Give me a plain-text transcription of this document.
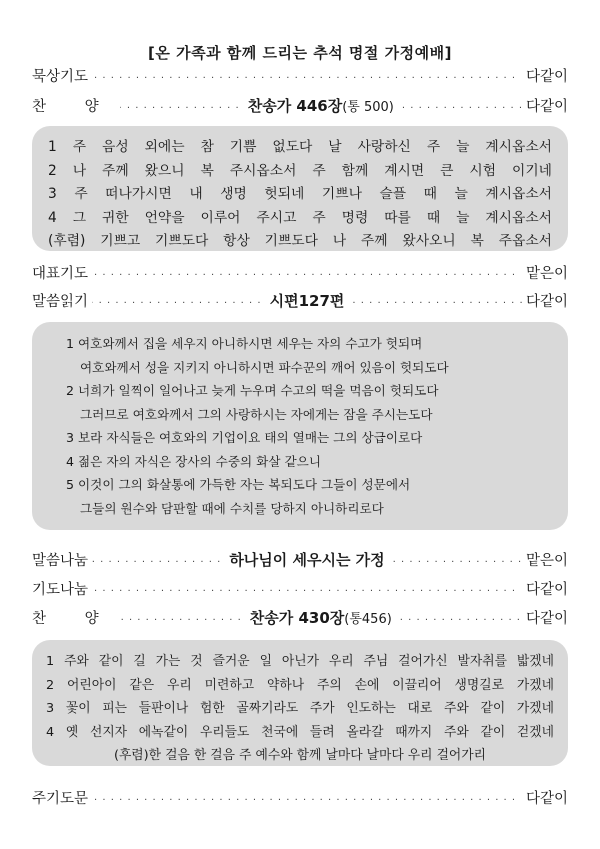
[온 가족과 함께 드리는 추석 명절 가정예배]
묵상기도 . . .	다같이
찬 양 . . .	찬송가 446장(통 500) . . .	다같이
1 주 음성 외에는 참 기쁨 없도다 날 사랑하신 주 늘 계시옵소서
2 나 주께 왔으니 복 주시옵소서 주 함께 계시면 큰 시험 이기네
3 주 떠나가시면 내 생명 헛되네 기쁘나 슬플 때 늘 계시옵소서
4 그 귀한 언약을 이루어 주시고 주 명령 따를 때 늘 계시옵소서
(후렴) 기쁘고 기쁘도다 항상 기쁘도다 나 주께 왔사오니 복 주옵소서
대표기도 . . .	맡은이
말씀읽기 . . .	시편127편 . . .	다같이
1 여호와께서 집을 세우지 아니하시면 세우는 자의 수고가 헛되며
여호와께서 성을 지키지 아니하시면 파수꾼의 깨어 있음이 헛되도다
2 너희가 일찍이 일어나고 늦게 누우며 수고의 떡을 먹음이 헛되도다
그러므로 여호와께서 그의 사랑하시는 자에게는 잠을 주시는도다
3 보라 자식들은 여호와의 기업이요 태의 열매는 그의 상급이로다
4 젊은 자의 자식은 장사의 수중의 화살 같으니
5 이것이 그의 화살통에 가득한 자는 복되도다 그들이 성문에서
그들의 원수와 담판할 때에 수치를 당하지 아니하리로다
말씀나눔 . . .	하나님이 세우시는 가정 . . .	맡은이
기도나눔 . . .	다같이
찬 양 . . .	찬송가 430장(통456) . . .	다같이
1 주와 같이 길 가는 것 즐거운 일 아닌가 우리 주님 걸어가신 발자취를 밟겠네
2 어린아이 같은 우리 미련하고 약하나 주의 손에 이끌리어 생명길로 가겠네
3 꽃이 피는 들판이나 험한 골짜기라도 주가 인도하는 대로 주와 같이 가겠네
4 옛 선지자 에녹같이 우리들도 천국에 들려 올라갈 때까지 주와 같이 걷겠네
(후렴)한 걸음 한 걸음 주 예수와 함께 날마다 날마다 우리 걸어가리
주기도문 . . .	다같이
